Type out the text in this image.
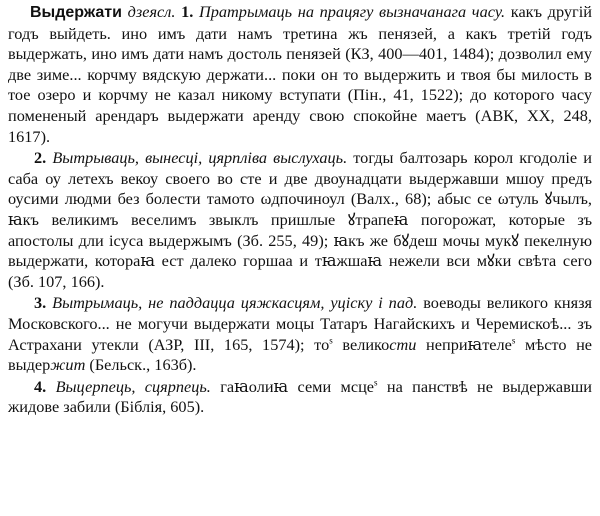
Выдержати дзеясл. 1. Пратрымаць на працягу вызначанага часу. какъ другій годъ выйдеть. ино имъ дати намъ третина жъ пенязей, а какъ третій годъ выдержать, ино имъ дати намъ достоль пенязей (КЗ, 400—401, 1484); дозволил ему две зиме... корчму вядскую держати... поки он то выдержить и твоя бы милость в тое озеро и корчму не казал никому вступати (Пін., 41, 1522); до которого часу помененый арендаръ выдержати аренду свою спокойне маетъ (АВК, XX, 248, 1617).

2. Вытрываць, вынесці, цярпліва выслухаць. тогды балтозарь корол кгодоліе и саба оу летехъ векоу своего во сте и две двоунадцати выдержавши мшоу предъ оусими людми без болести тамото ωдпочиноул (Валх., 68); абыс се ωтуль ꙋчылъ, ꙗкъ великимъ веселимъ звыклъ пришлые ꙋтрапеꙗ погорожат, которые зъ апостолы дли ісуса выдержымъ (Зб. 255, 49); ꙗкъ же бꙋдеш мочы мукꙋ пекелную выдержати, котораꙗ ест далеко горшаа и тꙗжшаꙗ нежели вси мꙋки свѣта сего (Зб. 107, 166).

3. Вытрымаць, не паддацца цяжкасцям, уціску і пад. воеводы великого князя Московского... не могучи выдержати моцы Татаръ Нагайскихъ и Черемискоѣ... зъ Астрахани утекли (АЗР, III, 165, 1574); $то^s$ великости неприꙗтеле$^s$ мѣсто не выдержит (Бельск., 163б).

4. Выцерпець, сцярпець. гаꙗолиꙗ семи мсце$^s$ на панствѣ не выдержавши жидове забили (Біблія, 605).
